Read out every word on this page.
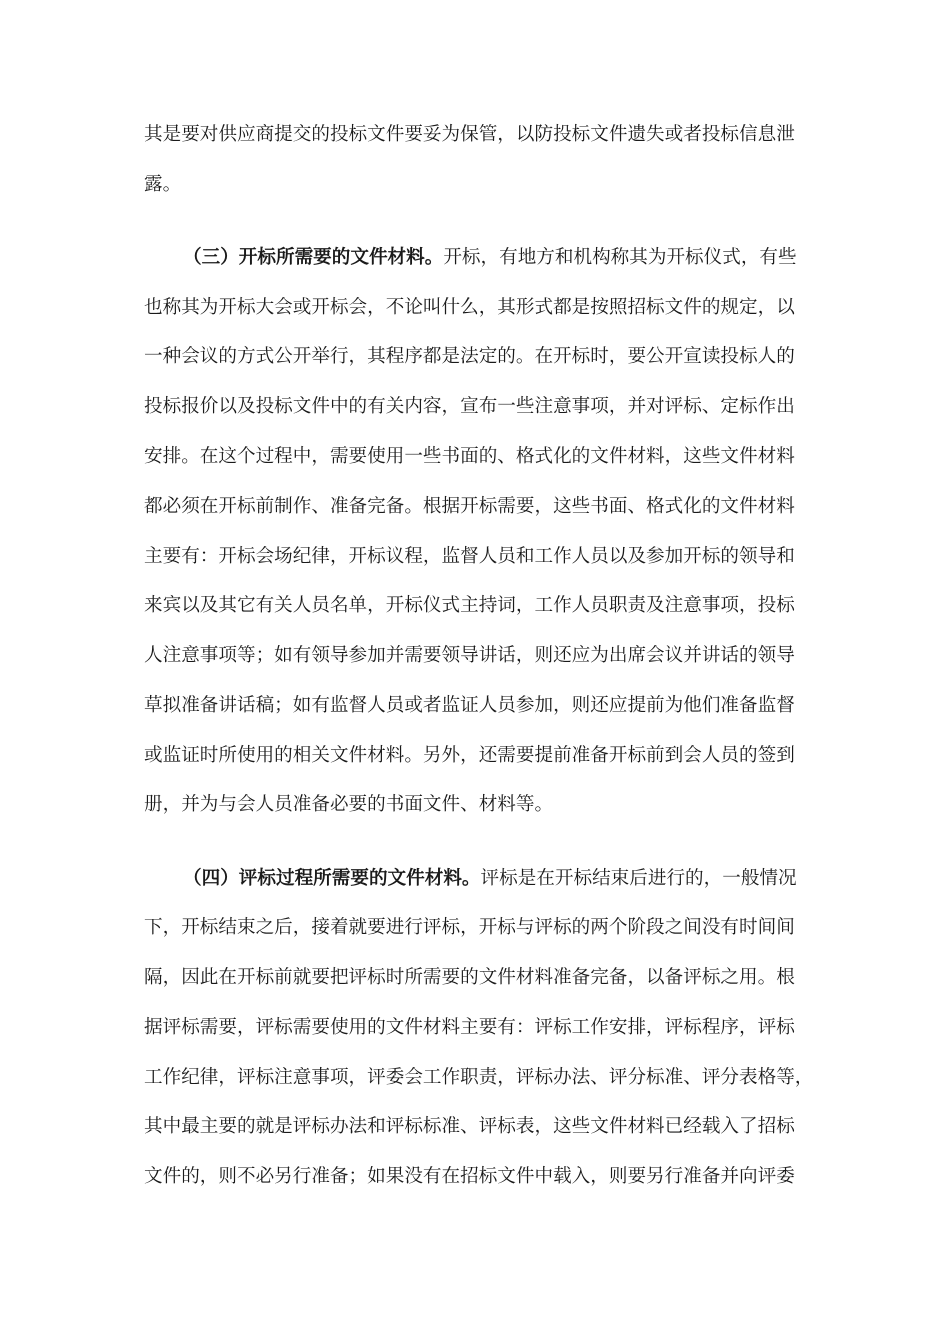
其是要对供应商提交的投标文件要妥为保管，以防投标文件遗失或者投标信息泄
露。
（三）开标所需要的文件材料。开标，有地方和机构称其为开标仪式，有些
也称其为开标大会或开标会，不论叫什么，其形式都是按照招标文件的规定，以
一种会议的方式公开举行，其程序都是法定的。在开标时，要公开宣读投标人的
投标报价以及投标文件中的有关内容，宣布一些注意事项，并对评标、定标作出
安排。在这个过程中，需要使用一些书面的、格式化的文件材料，这些文件材料
都必须在开标前制作、准备完备。根据开标需要，这些书面、格式化的文件材料
主要有：开标会场纪律，开标议程，监督人员和工作人员以及参加开标的领导和
来宾以及其它有关人员名单，开标仪式主持词，工作人员职责及注意事项，投标
人注意事项等；如有领导参加并需要领导讲话，则还应为出席会议并讲话的领导
草拟准备讲话稿；如有监督人员或者监证人员参加，则还应提前为他们准备监督
或监证时所使用的相关文件材料。另外，还需要提前准备开标前到会人员的签到
册，并为与会人员准备必要的书面文件、材料等。
（四）评标过程所需要的文件材料。评标是在开标结束后进行的，一般情况
下，开标结束之后，接着就要进行评标，开标与评标的两个阶段之间没有时间间
隔，因此在开标前就要把评标时所需要的文件材料准备完备，以备评标之用。根
据评标需要，评标需要使用的文件材料主要有：评标工作安排，评标程序，评标
工作纪律，评标注意事项，评委会工作职责，评标办法、评分标准、评分表格等，
其中最主要的就是评标办法和评标标准、评标表，这些文件材料已经载入了招标
文件的，则不必另行准备；如果没有在招标文件中载入，则要另行准备并向评委
